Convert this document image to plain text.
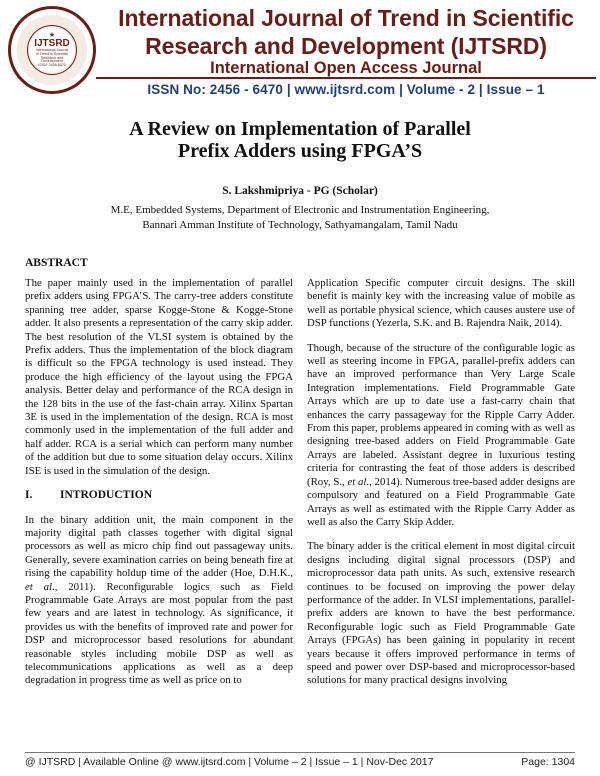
★
IJTSRD
International Journal
of Trend in Scientific
Research and
Development
ISSN: 2456-6470
International Journal of Trend in Scientific Research and Development (IJTSRD)
International Open Access Journal
ISSN No: 2456 - 6470 | www.ijtsrd.com | Volume - 2 | Issue – 1
A Review on Implementation of Parallel
Prefix Adders using FPGA’S
S. Lakshmipriya - PG (Scholar)
M.E, Embedded Systems, Department of Electronic and Instrumentation Engineering,
Bannari Amman Institute of Technology, Sathyamangalam, Tamil Nadu
ABSTRACT

The paper mainly used in the implementation of parallel prefix adders using FPGA’S. The carry-tree adders constitute spanning tree adder, sparse Kogge-Stone & Kogge-Stone adder. It also presents a representation of the carry skip adder. The best resolution of the VLSI system is obtained by the Prefix adders. Thus the implementation of the block diagram is difficult so the FPGA technology is used instead. They produce the high efficiency of the layout using the FPGA analysis. Better delay and performance of the RCA design in the 128 bits in the use of the fast-chain array. Xilinx Spartan 3E is used in the implementation of the design. RCA is most commonly used in the implementation of the full adder and half adder. RCA is a serial which can perform many number of the addition but due to some situation delay occurs. Xilinx ISE is used in the simulation of the design.

I. INTRODUCTION

In the binary addition unit, the main component in the majority digital path classes together with digital signal processors as well as micro chip find out passageway units. Generally, severe examination carries on being beneath fire at rising the capability holdup time of the adder (Hoe, D.H.K., et al., 2011). Reconfigurable logics such as Field Programmable Gate Arrays are most popular from the past few years and are latest in technology. As significance, it provides us with the benefits of improved rate and power for DSP and microprocessor based resolutions for abundant reasonable styles including mobile DSP as well as telecommunications applications as well as a deep degradation in progress time as well as price on to

Application Specific computer circuit designs. The skill benefit is mainly key with the increasing value of mobile as well as portable physical science, which causes austere use of DSP functions (Yezerla, S.K. and B. Rajendra Naik, 2014).

Though, because of the structure of the configurable logic as well as steering income in FPGA, parallel-prefix adders can have an improved performance than Very Large Scale Integration implementations. Field Programmable Gate Arrays which are up to date use a fast-carry chain that enhances the carry passageway for the Ripple Carry Adder. From this paper, problems appeared in coming with as well as designing tree-based adders on Field Programmable Gate Arrays are labeled. Assistant degree in luxurious testing criteria for contrasting the feat of those adders is described (Roy, S., et al., 2014). Numerous tree-based adder designs are compulsory and featured on a Field Programmable Gate Arrays as well as estimated with the Ripple Carry Adder as well as also the Carry Skip Adder.

The binary adder is the critical element in most digital circuit designs including digital signal processors (DSP) and microprocessor data path units. As such, extensive research continues to be focused on improving the power delay performance of the adder. In VLSI implementations, parallel-prefix adders are known to have the best performance. Reconfigurable logic such as Field Programmable Gate Arrays (FPGAs) has been gaining in popularity in recent years because it offers improved performance in terms of speed and power over DSP-based and microprocessor-based solutions for many practical designs involving

@ IJTSRD | Available Online @ www.ijtsrd.com | Volume – 2 | Issue – 1 | Nov-Dec 2017	Page: 1304
